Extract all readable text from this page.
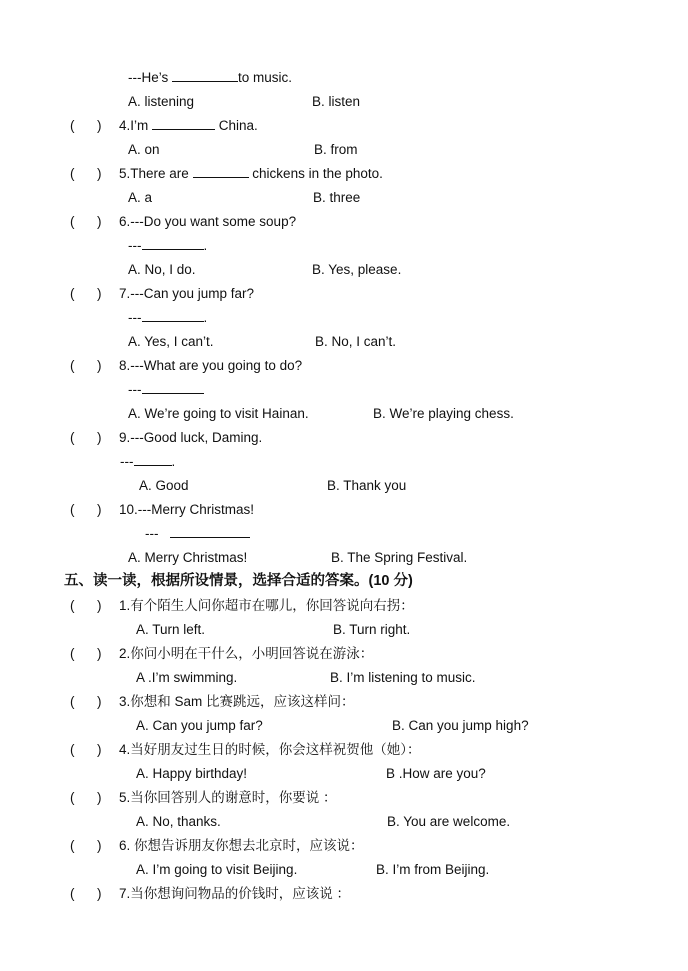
---He’s	to music.
A. listening	B. listen
(      ) 4.I’m	China.
A. on	B. from
(      ) 5.There are	chickens in the photo.
A. a	B. three
(      ) 6.---Do you want some soup?
---	.
A. No, I do.	B. Yes, please.
(      ) 7.---Can you jump far?
---	.
A. Yes, I can’t.	B. No, I can’t.
(      ) 8.---What are you going to do?
---
A. We’re going to visit Hainan.	B. We’re playing chess.
(      ) 9.---Good luck, Daming.
---	.
A. Good	B. Thank you
(      ) 10.---Merry Christmas!
---
A. Merry Christmas!	B. The Spring Festival.
五、读一读，根据所设情景，选择合适的答案。(10 分)
(      ) 1.有个陌生人问你超市在哪儿，你回答说向右拐：
A. Turn left.	B. Turn right.
(      ) 2.你问小明在干什么，小明回答说在游泳：
A .I’m swimming.	B. I’m listening to music.
(      ) 3.你想和 Sam 比赛跳远，应该这样问：
A. Can you jump far?	B. Can you jump high?
(      ) 4.当好朋友过生日的时候，你会这样祝贺他（她）：
A. Happy birthday!	B .How are you?
(      ) 5.当你回答别人的谢意时，你要说 ：
A. No, thanks.	B. You are welcome.
(      ) 6. 你想告诉朋友你想去北京时，应该说：
A. I’m going to visit Beijing.	B. I’m from Beijing.
(      ) 7.当你想询问物品的价钱时，应该说 ：
